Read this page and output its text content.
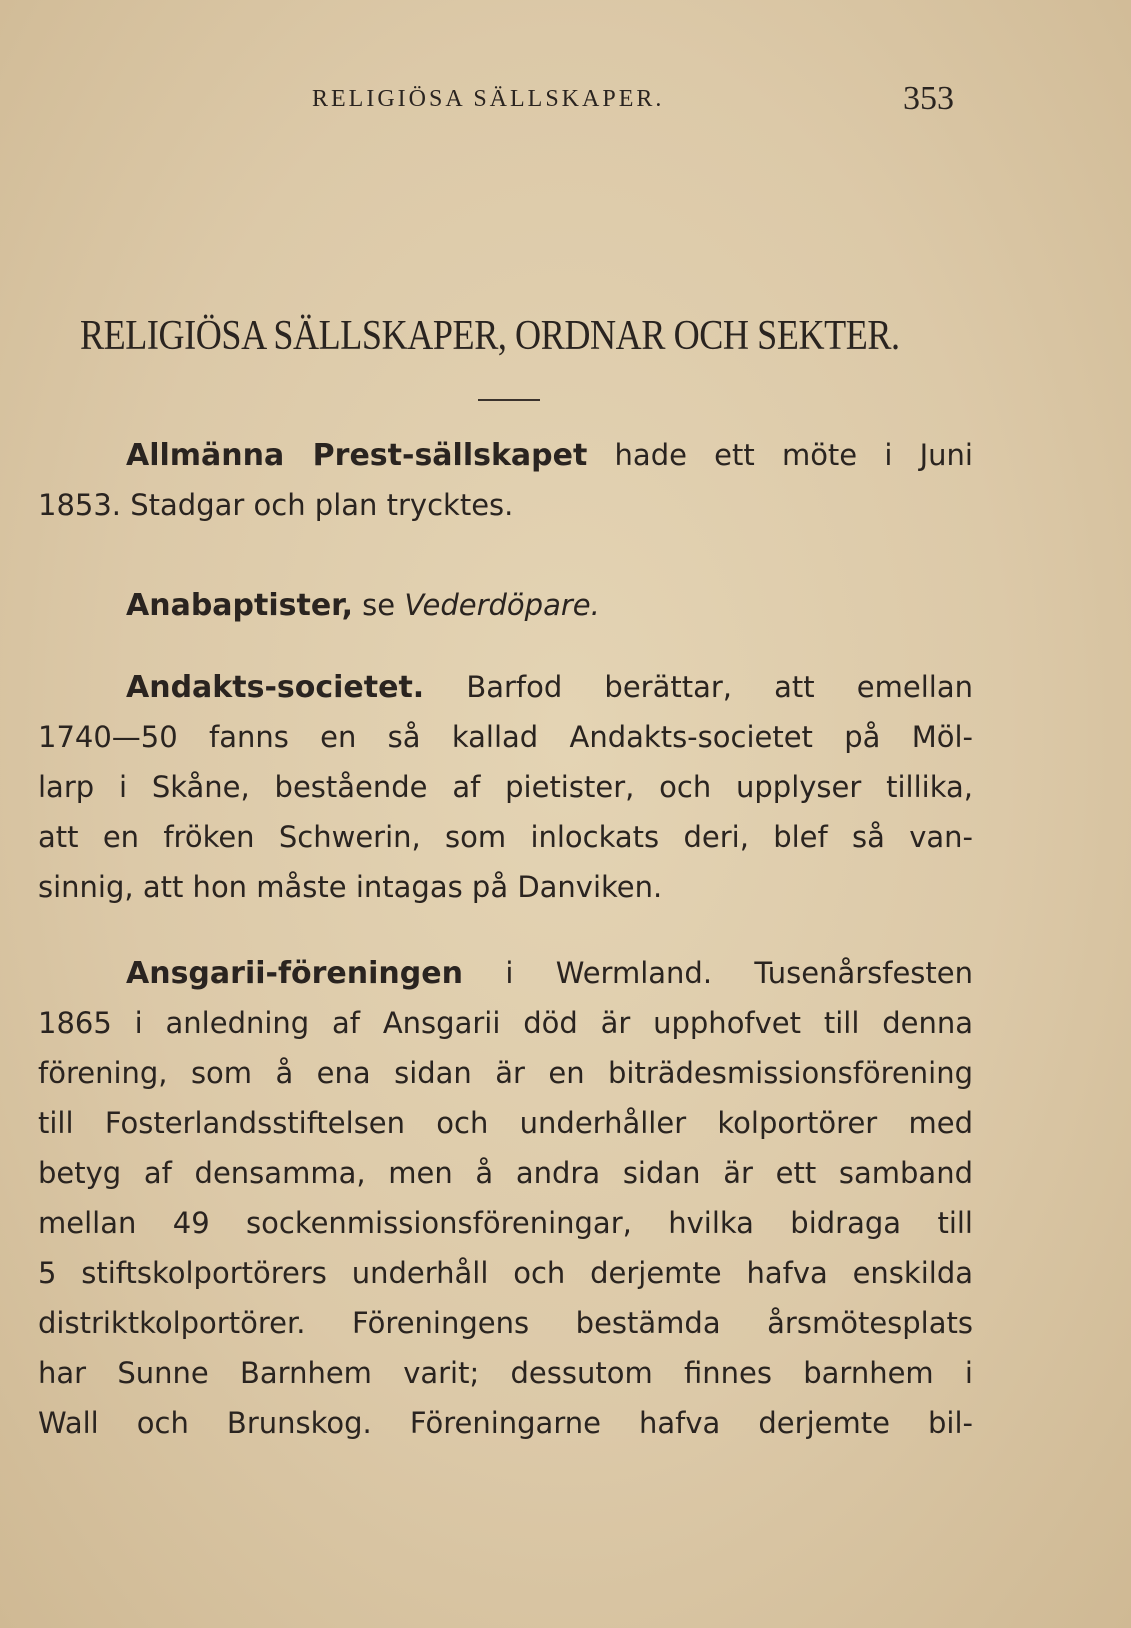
RELIGIÖSA SÄLLSKAPER.	353
RELIGIÖSA SÄLLSKAPER, ORDNAR OCH SEKTER.
Allmänna Prest-sällskapet hade ett möte i Juni
1853. Stadgar och plan trycktes.
Anabaptister, se Vederdöpare.
Andakts-societet. Barfod berättar, att emellan
1740—50 fanns en så kallad Andakts-societet på Möl-
larp i Skåne, bestående af pietister, och upplyser tillika,
att en fröken Schwerin, som inlockats deri, blef så van-
sinnig, att hon måste intagas på Danviken.
Ansgarii-föreningen i Wermland. Tusenårsfesten
1865 i anledning af Ansgarii död är upphofvet till denna
förening, som å ena sidan är en biträdesmissionsförening
till Fosterlandsstiftelsen och underhåller kolportörer med
betyg af densamma, men å andra sidan är ett samband
mellan 49 sockenmissionsföreningar, hvilka bidraga till
5 stiftskolportörers underhåll och derjemte hafva enskilda
distriktkolportörer. Föreningens bestämda årsmötesplats
har Sunne Barnhem varit; dessutom finnes barnhem i
Wall och Brunskog. Föreningarne hafva derjemte bil-
